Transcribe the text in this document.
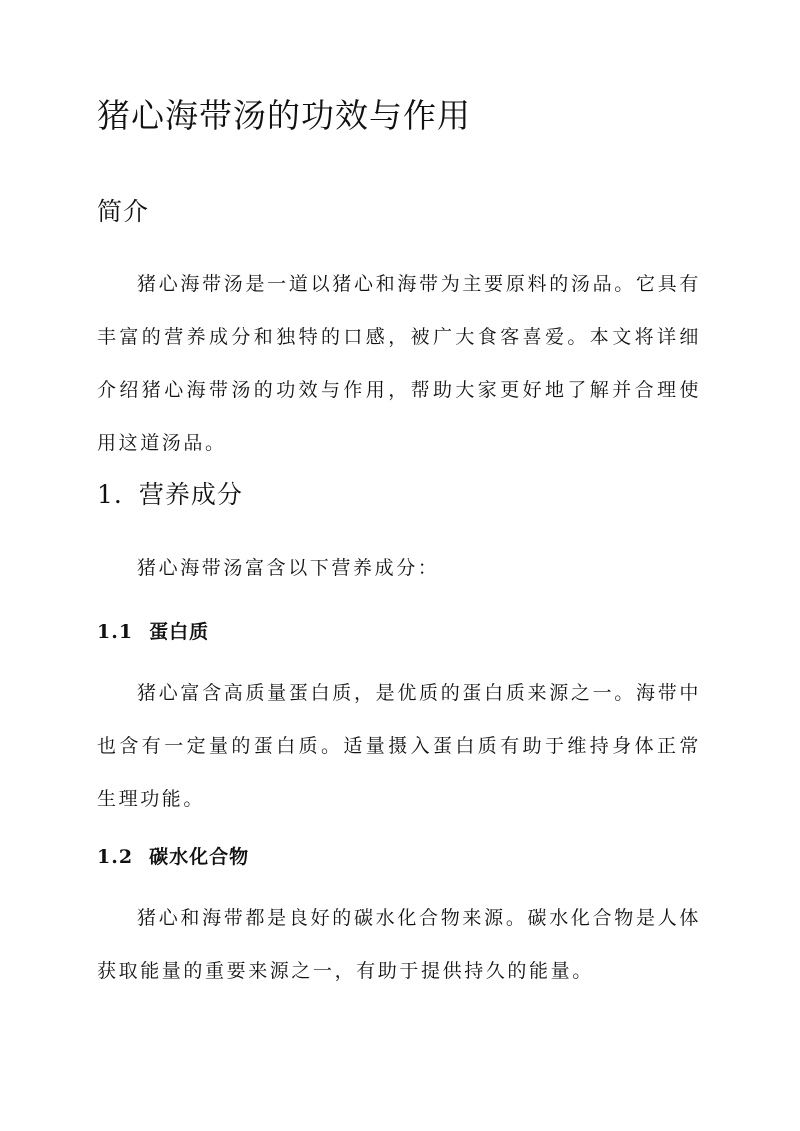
猪心海带汤的功效与作用
简介

猪心海带汤是一道以猪心和海带为主要原料的汤品。它具有丰富的营养成分和独特的口感，被广大食客喜爱。本文将详细介绍猪心海带汤的功效与作用，帮助大家更好地了解并合理使用这道汤品。

1. 营养成分

猪心海带汤富含以下营养成分：

1.1 蛋白质

猪心富含高质量蛋白质，是优质的蛋白质来源之一。海带中也含有一定量的蛋白质。适量摄入蛋白质有助于维持身体正常生理功能。

1.2 碳水化合物

猪心和海带都是良好的碳水化合物来源。碳水化合物是人体获取能量的重要来源之一，有助于提供持久的能量。
